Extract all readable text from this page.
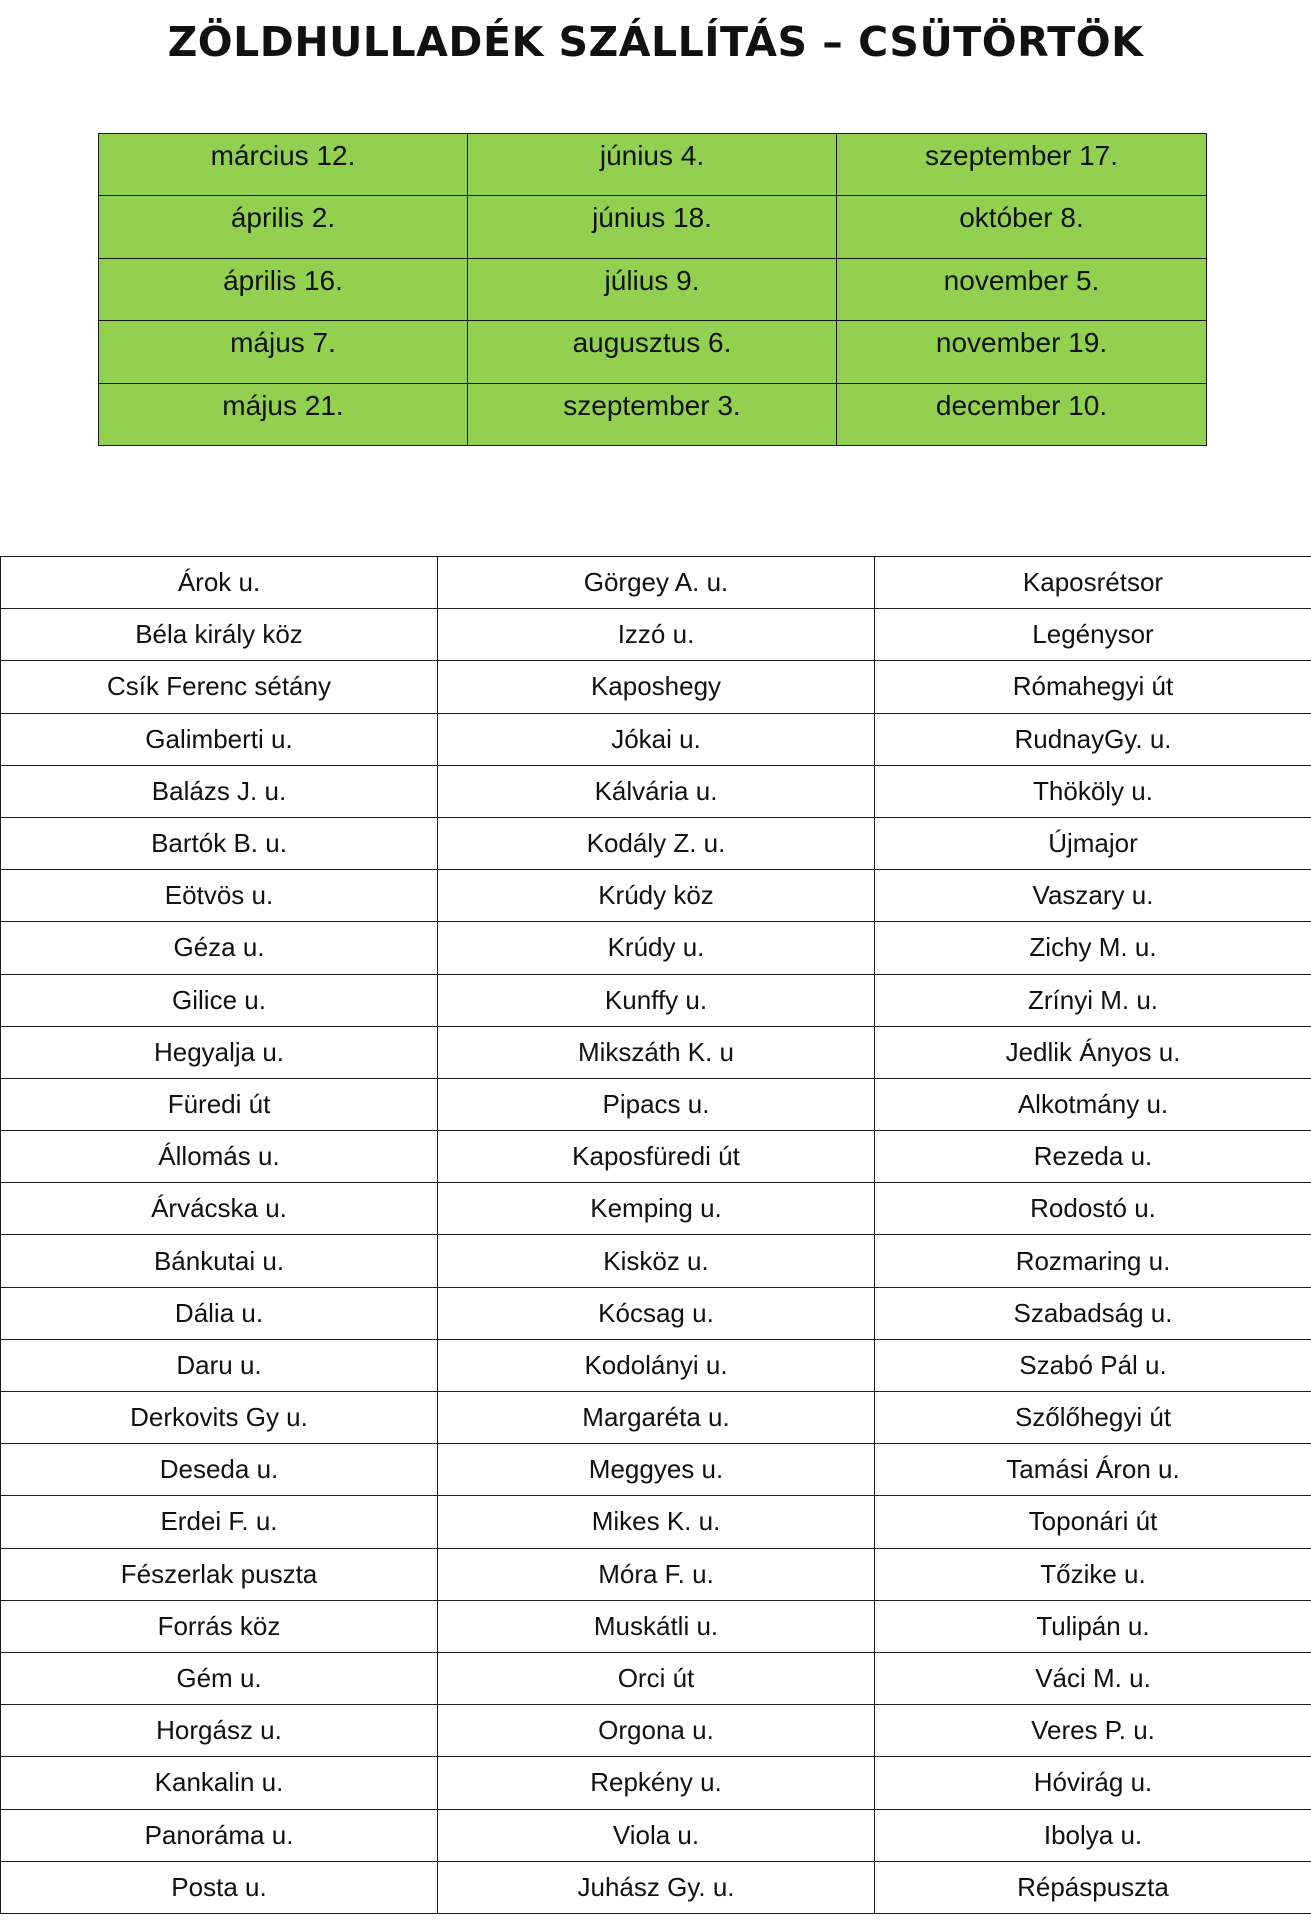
ZÖLDHULLADÉK SZÁLLÍTÁS – CSÜTÖRTÖK
március 12.	június 4.	szeptember 17.
április 2.	június 18.	október 8.
április 16.	július 9.	november 5.
május 7.	augusztus 6.	november 19.
május 21.	szeptember 3.	december 10.
Árok u.	Görgey A. u.	Kaposrétsor
Béla király köz	Izzó u.	Legénysor
Csík Ferenc sétány	Kaposhegy	Rómahegyi út
Galimberti u.	Jókai u.	RudnayGy. u.
Balázs J. u.	Kálvária u.	Thököly u.
Bartók B. u.	Kodály Z. u.	Újmajor
Eötvös u.	Krúdy köz	Vaszary u.
Géza u.	Krúdy u.	Zichy M. u.
Gilice u.	Kunffy u.	Zrínyi M. u.
Hegyalja u.	Mikszáth K. u	Jedlik Ányos u.
Füredi út	Pipacs u.	Alkotmány u.
Állomás u.	Kaposfüredi út	Rezeda u.
Árvácska u.	Kemping u.	Rodostó u.
Bánkutai u.	Kisköz u.	Rozmaring u.
Dália u.	Kócsag u.	Szabadság u.
Daru u.	Kodolányi u.	Szabó Pál u.
Derkovits Gy u.	Margaréta u.	Szőlőhegyi út
Deseda u.	Meggyes u.	Tamási Áron u.
Erdei F. u.	Mikes K. u.	Toponári út
Fészerlak puszta	Móra F. u.	Tőzike u.
Forrás köz	Muskátli u.	Tulipán u.
Gém u.	Orci út	Váci M. u.
Horgász u.	Orgona u.	Veres P. u.
Kankalin u.	Repkény u.	Hóvirág u.
Panoráma u.	Viola u.	Ibolya u.
Posta u.	Juhász Gy. u.	Répáspuszta
